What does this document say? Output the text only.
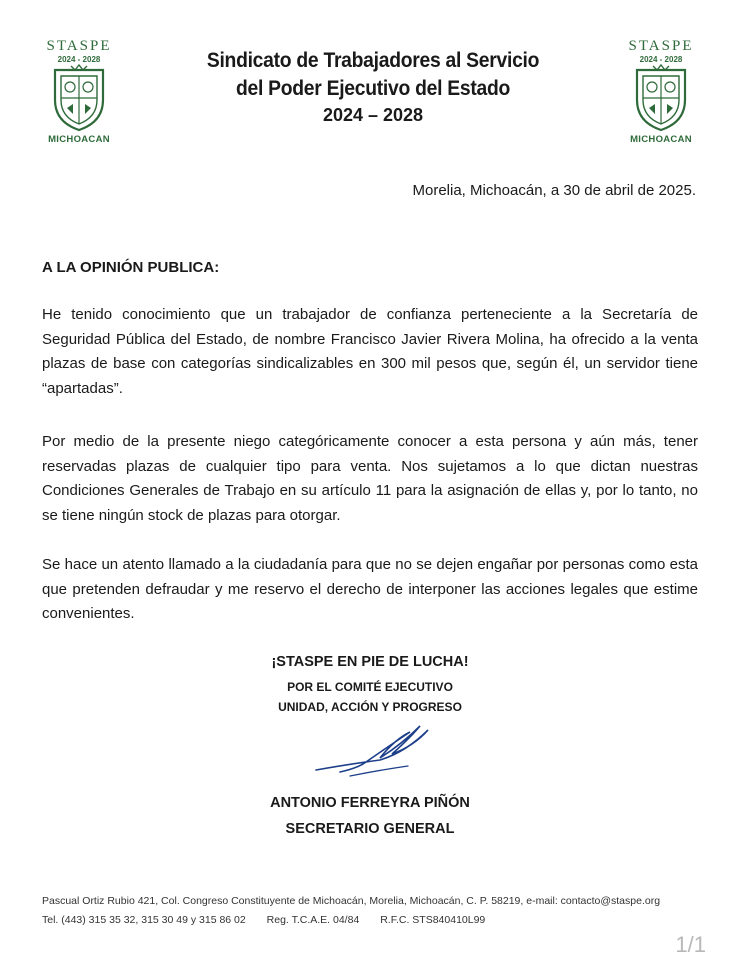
STASPE
2024 - 2028
MICHOACAN
Sindicato de Trabajadores al Servicio
del Poder Ejecutivo del Estado
2024 – 2028
STASPE
2024 - 2028
MICHOACAN
Morelia, Michoacán, a 30 de abril de 2025.
A LA OPINIÓN PUBLICA:
He tenido conocimiento que un trabajador de confianza perteneciente a la Secretaría de Seguridad Pública del Estado, de nombre Francisco Javier Rivera Molina, ha ofrecido a la venta plazas de base con categorías sindicalizables en 300 mil pesos que, según él, un servidor tiene “apartadas”.
Por medio de la presente niego categóricamente conocer a esta persona y aún más, tener reservadas plazas de cualquier tipo para venta. Nos sujetamos a lo que dictan nuestras Condiciones Generales de Trabajo en su artículo 11 para la asignación de ellas y, por lo tanto, no se tiene ningún stock de plazas para otorgar.
Se hace un atento llamado a la ciudadanía para que no se dejen engañar por personas como esta que pretenden defraudar y me reservo el derecho de interponer las acciones legales que estime convenientes.
¡STASPE EN PIE DE LUCHA!
POR EL COMITÉ EJECUTIVO
UNIDAD, ACCIÓN Y PROGRESO
ANTONIO FERREYRA PIÑÓN
SECRETARIO GENERAL
Pascual Ortiz Rubio 421, Col. Congreso Constituyente de Michoacán, Morelia, Michoacán, C. P. 58219, e-mail: contacto@staspe.org
Tel. (443) 315 35 32, 315 30 49 y 315 86 02 Reg. T.C.A.E. 04/84 R.F.C. STS840410L99
1/1
